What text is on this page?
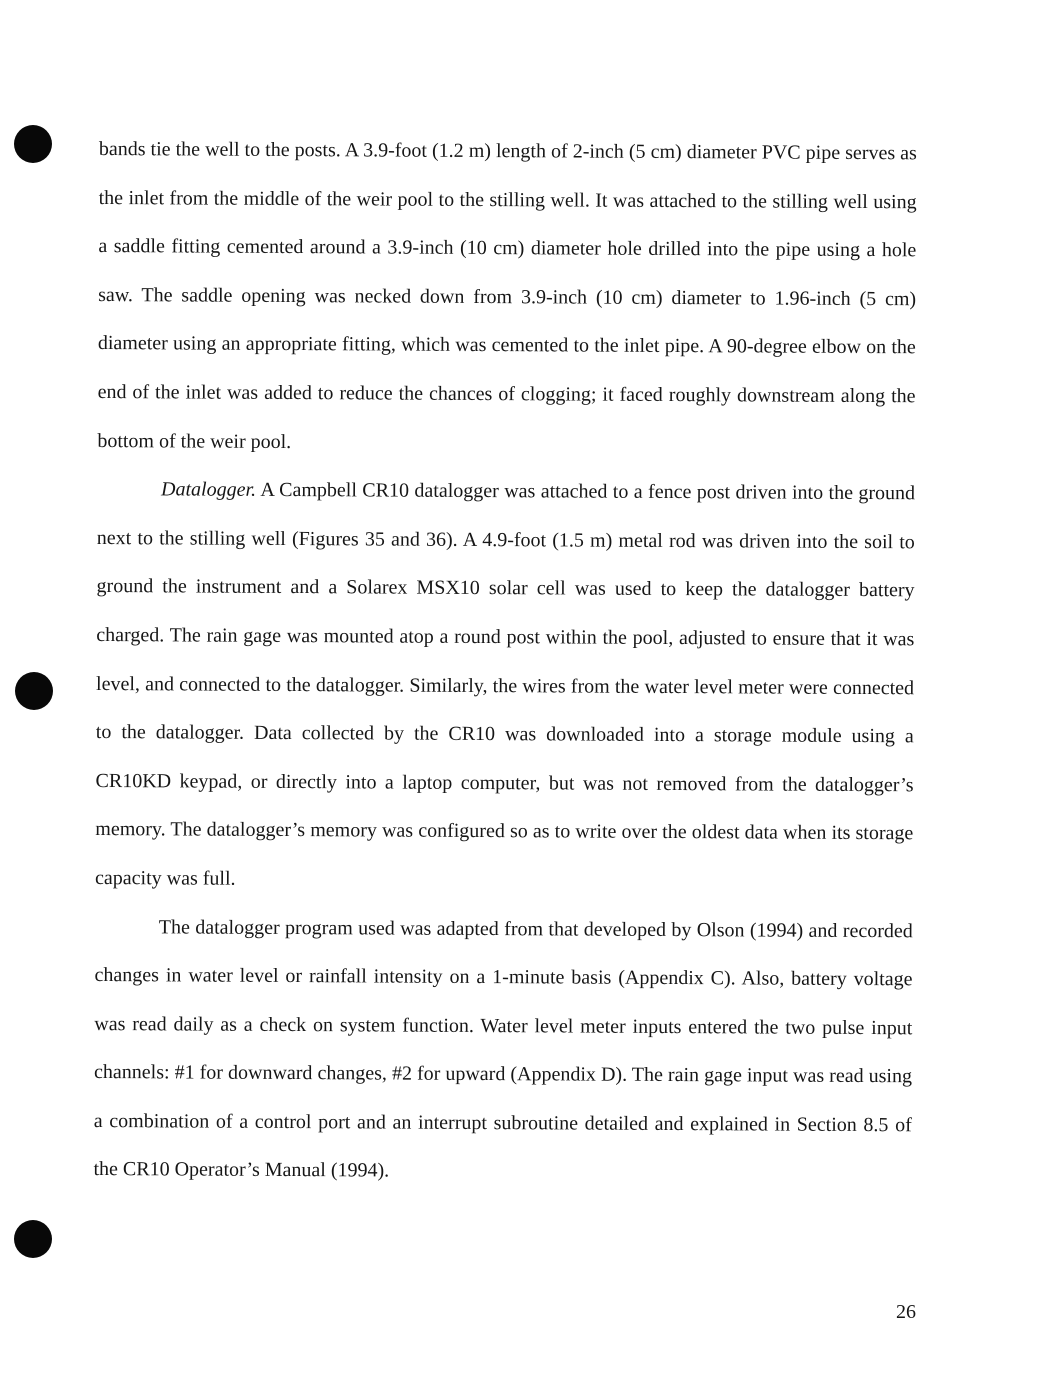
bands tie the well to the posts. A 3.9-foot (1.2 m) length of 2-inch (5 cm) diameter PVC pipe serves as the inlet from the middle of the weir pool to the stilling well. It was attached to the stilling well using a saddle fitting cemented around a 3.9-inch (10 cm) diameter hole drilled into the pipe using a hole saw. The saddle opening was necked down from 3.9-inch (10 cm) diameter to 1.96-inch (5 cm) diameter using an appropriate fitting, which was cemented to the inlet pipe. A 90-degree elbow on the end of the inlet was added to reduce the chances of clogging; it faced roughly downstream along the bottom of the weir pool.

Datalogger. A Campbell CR10 datalogger was attached to a fence post driven into the ground next to the stilling well (Figures 35 and 36). A 4.9-foot (1.5 m) metal rod was driven into the soil to ground the instrument and a Solarex MSX10 solar cell was used to keep the datalogger battery charged. The rain gage was mounted atop a round post within the pool, adjusted to ensure that it was level, and connected to the datalogger. Similarly, the wires from the water level meter were connected to the datalogger. Data collected by the CR10 was downloaded into a storage module using a CR10KD keypad, or directly into a laptop computer, but was not removed from the datalogger’s memory. The datalogger’s memory was configured so as to write over the oldest data when its storage capacity was full.

The datalogger program used was adapted from that developed by Olson (1994) and recorded changes in water level or rainfall intensity on a 1-minute basis (Appendix C). Also, battery voltage was read daily as a check on system function. Water level meter inputs entered the two pulse input channels: #1 for downward changes, #2 for upward (Appendix D). The rain gage input was read using a combination of a control port and an interrupt subroutine detailed and explained in Section 8.5 of the CR10 Operator’s Manual (1994).

26
